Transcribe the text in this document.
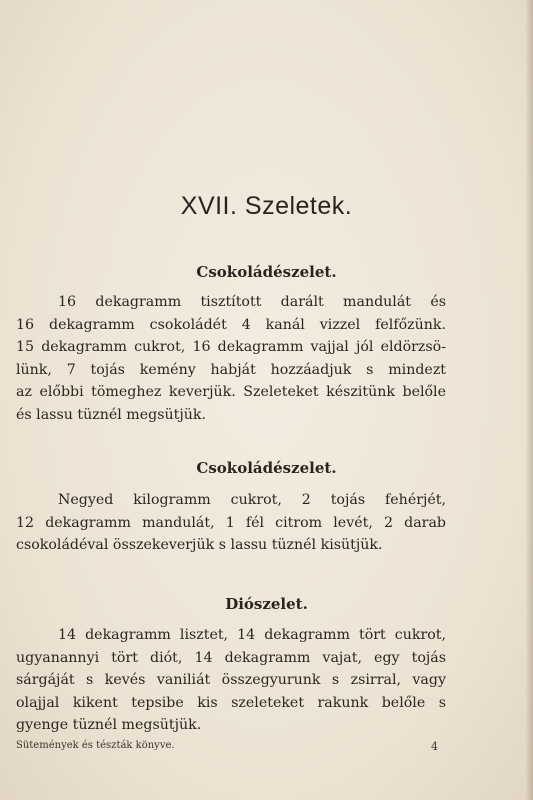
XVII. Szeletek.
Csokoládészelet.
16 dekagramm tisztított darált mandulát és
16 dekagramm csokoládét 4 kanál vizzel felfőzünk.
15 dekagramm cukrot, 16 dekagramm vajjal jól eldörzsö-
lünk, 7 tojás kemény habját hozzáadjuk s mindezt
az előbbi tömeghez keverjük. Szeleteket készitünk belőle
és lassu tüznél megsütjük.
Csokoládészelet.
Negyed kilogramm cukrot, 2 tojás fehérjét,
12 dekagramm mandulát, 1 fél citrom levét, 2 darab
csokoládéval összekeverjük s lassu tüznél kisütjük.
Diószelet.
14 dekagramm lisztet, 14 dekagramm tört cukrot,
ugyanannyi tört diót, 14 dekagramm vajat, egy tojás
sárgáját s kevés vaniliát összegyurunk s zsirral, vagy
olajjal kikent tepsibe kis szeleteket rakunk belőle s
gyenge tüznél megsütjük.
Sütemények és tészták könyve.	4
